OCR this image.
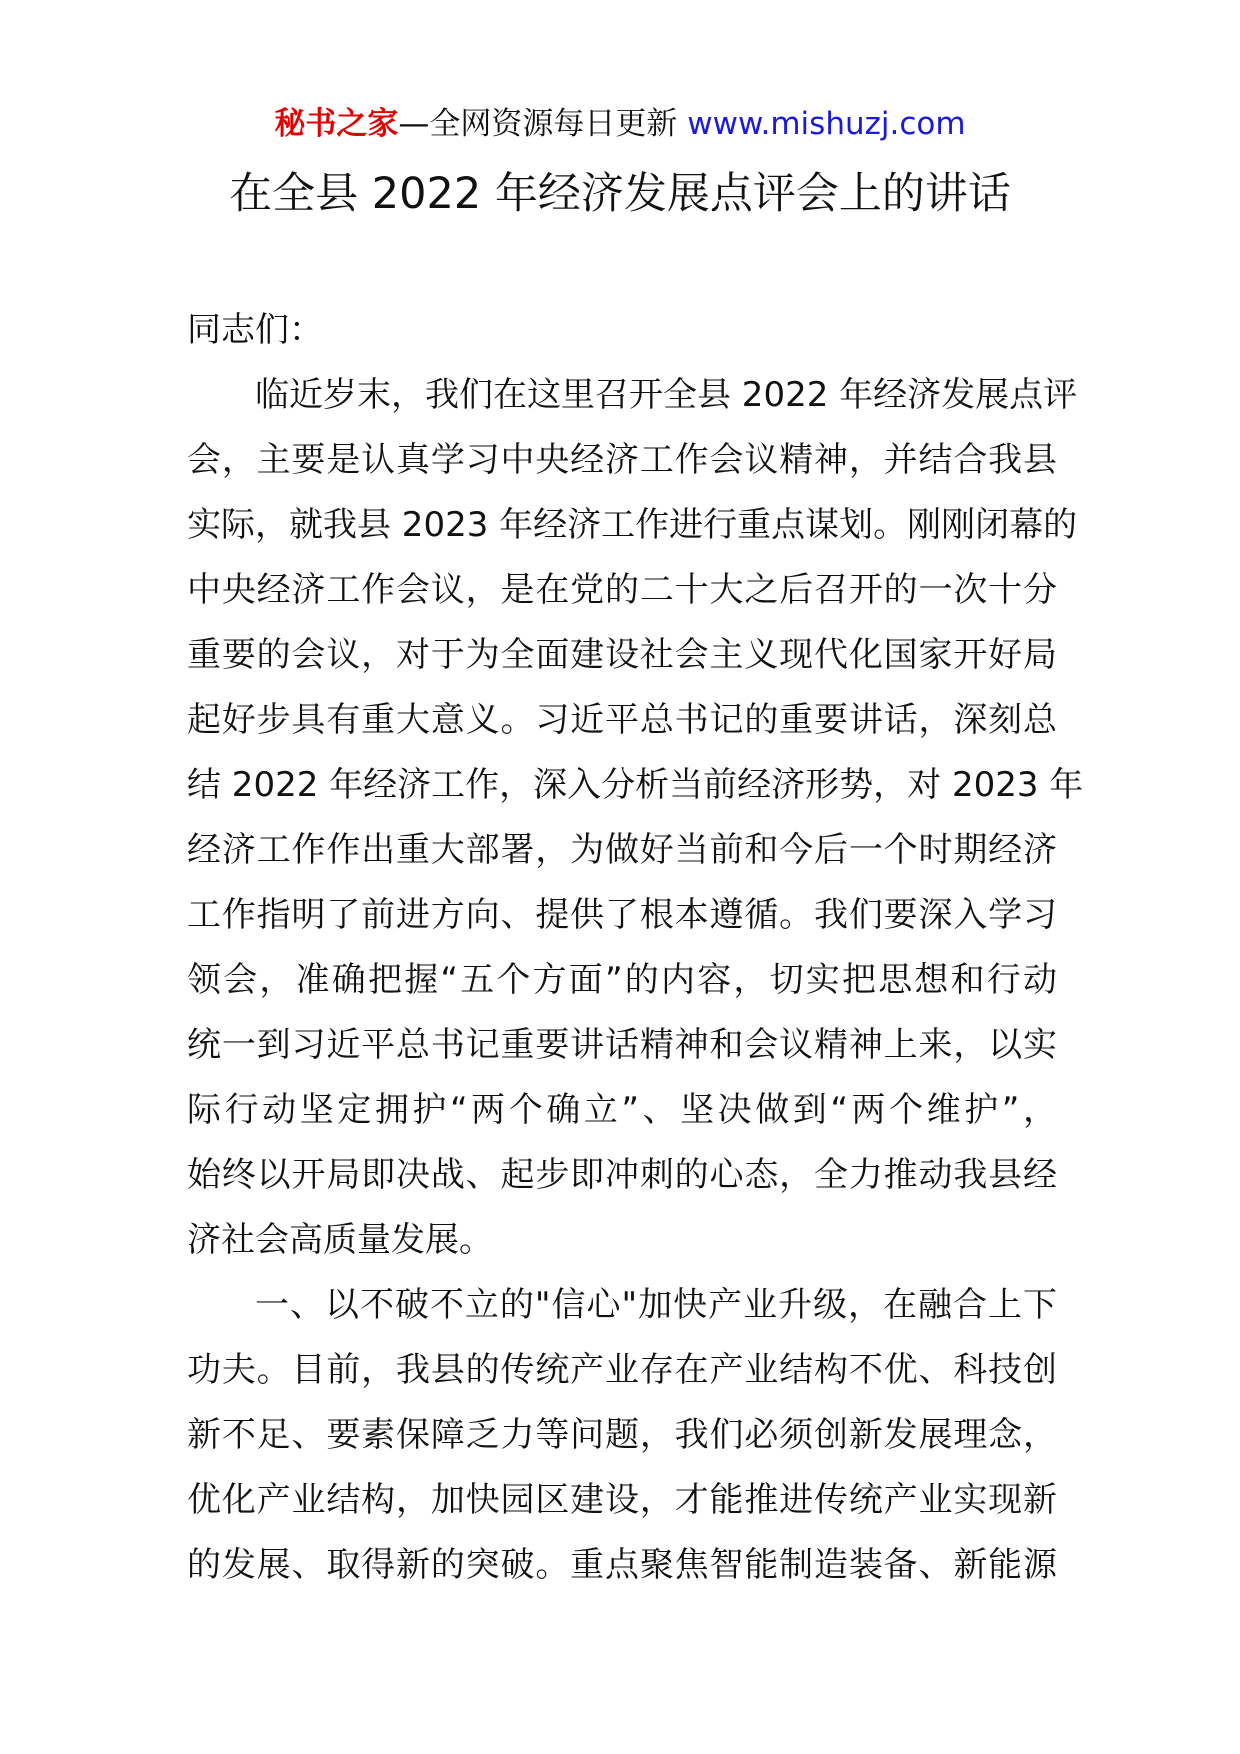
秘书之家—全网资源每日更新 www.mishuzj.com
在全县 2022 年经济发展点评会上的讲话
同志们：
临近岁末，我们在这里召开全县 2022 年经济发展点评
会，主要是认真学习中央经济工作会议精神，并结合我县
实际，就我县 2023 年经济工作进行重点谋划。刚刚闭幕的
中央经济工作会议，是在党的二十大之后召开的一次十分
重要的会议，对于为全面建设社会主义现代化国家开好局
起好步具有重大意义。习近平总书记的重要讲话，深刻总
结 2022 年经济工作，深入分析当前经济形势，对 2023 年
经济工作作出重大部署，为做好当前和今后一个时期经济
工作指明了前进方向、提供了根本遵循。我们要深入学习
领会，准确把握“五个方面”的内容，切实把思想和行动
统一到习近平总书记重要讲话精神和会议精神上来，以实
际行动坚定拥护“两个确立”、坚决做到“两个维护”，
始终以开局即决战、起步即冲刺的心态，全力推动我县经
济社会高质量发展。
一、以不破不立的"信心"加快产业升级，在融合上下
功夫。目前，我县的传统产业存在产业结构不优、科技创
新不足、要素保障乏力等问题，我们必须创新发展理念，
优化产业结构，加快园区建设，才能推进传统产业实现新
的发展、取得新的突破。重点聚焦智能制造装备、新能源
